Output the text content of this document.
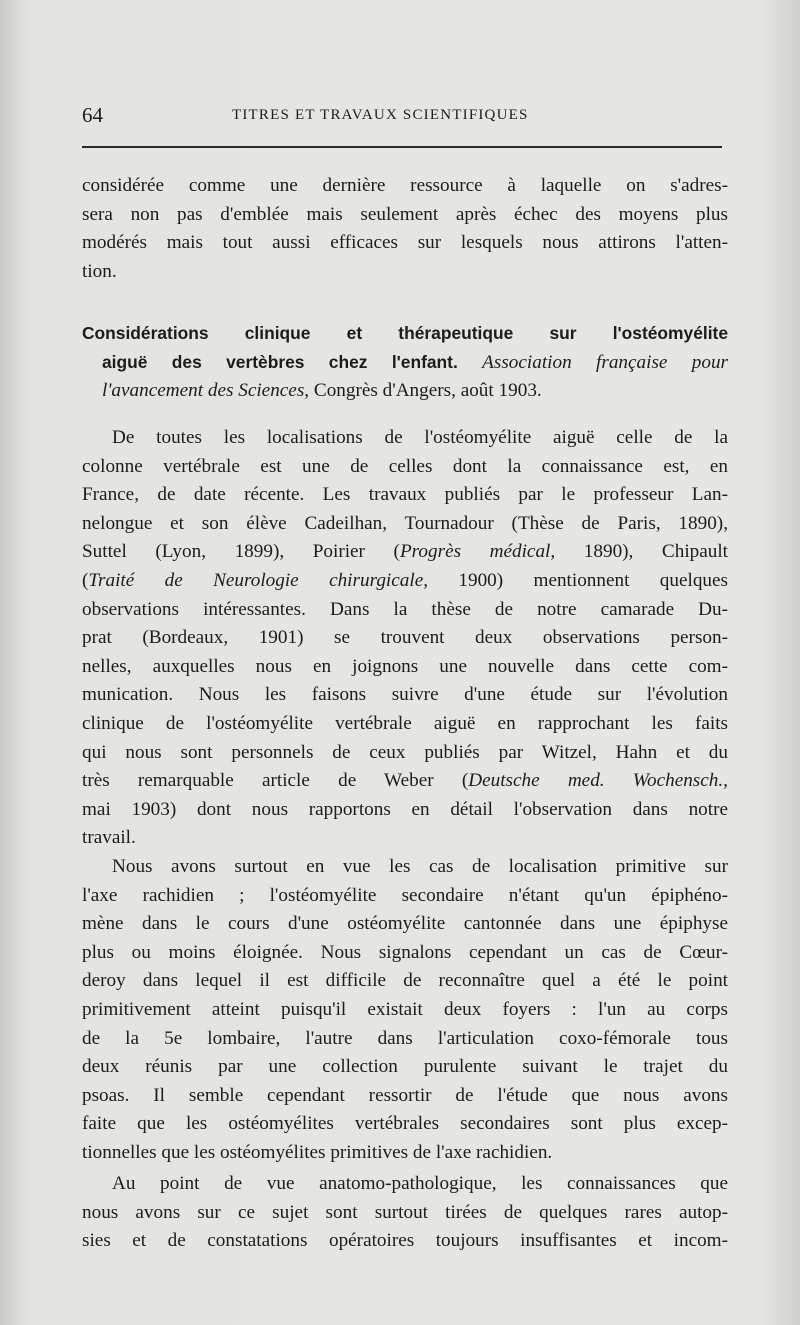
64	TITRES ET TRAVAUX SCIENTIFIQUES
considérée comme une dernière ressource à laquelle on s'adres-
sera non pas d'emblée mais seulement après échec des moyens plus
modérés mais tout aussi efficaces sur lesquels nous attirons l'atten-
tion.
Considérations clinique et thérapeutique sur l'ostéomyélite
aiguë des vertèbres chez l'enfant. Association française pour
l'avancement des Sciences, Congrès d'Angers, août 1903.
De toutes les localisations de l'ostéomyélite aiguë celle de la
colonne vertébrale est une de celles dont la connaissance est, en
France, de date récente. Les travaux publiés par le professeur Lan-
nelongue et son élève Cadeilhan, Tournadour (Thèse de Paris, 1890),
Suttel (Lyon, 1899), Poirier (Progrès médical, 1890), Chipault
(Traité de Neurologie chirurgicale, 1900) mentionnent quelques
observations intéressantes. Dans la thèse de notre camarade Du-
prat (Bordeaux, 1901) se trouvent deux observations person-
nelles, auxquelles nous en joignons une nouvelle dans cette com-
munication. Nous les faisons suivre d'une étude sur l'évolution
clinique de l'ostéomyélite vertébrale aiguë en rapprochant les faits
qui nous sont personnels de ceux publiés par Witzel, Hahn et du
très remarquable article de Weber (Deutsche med. Wochensch.,
mai 1903) dont nous rapportons en détail l'observation dans notre
travail.
Nous avons surtout en vue les cas de localisation primitive sur
l'axe rachidien ; l'ostéomyélite secondaire n'étant qu'un épiphéno-
mène dans le cours d'une ostéomyélite cantonnée dans une épiphyse
plus ou moins éloignée. Nous signalons cependant un cas de Cœur-
deroy dans lequel il est difficile de reconnaître quel a été le point
primitivement atteint puisqu'il existait deux foyers : l'un au corps
de la 5e lombaire, l'autre dans l'articulation coxo-fémorale tous
deux réunis par une collection purulente suivant le trajet du
psoas. Il semble cependant ressortir de l'étude que nous avons
faite que les ostéomyélites vertébrales secondaires sont plus excep-
tionnelles que les ostéomyélites primitives de l'axe rachidien.
Au point de vue anatomo-pathologique, les connaissances que
nous avons sur ce sujet sont surtout tirées de quelques rares autop-
sies et de constatations opératoires toujours insuffisantes et incom-
